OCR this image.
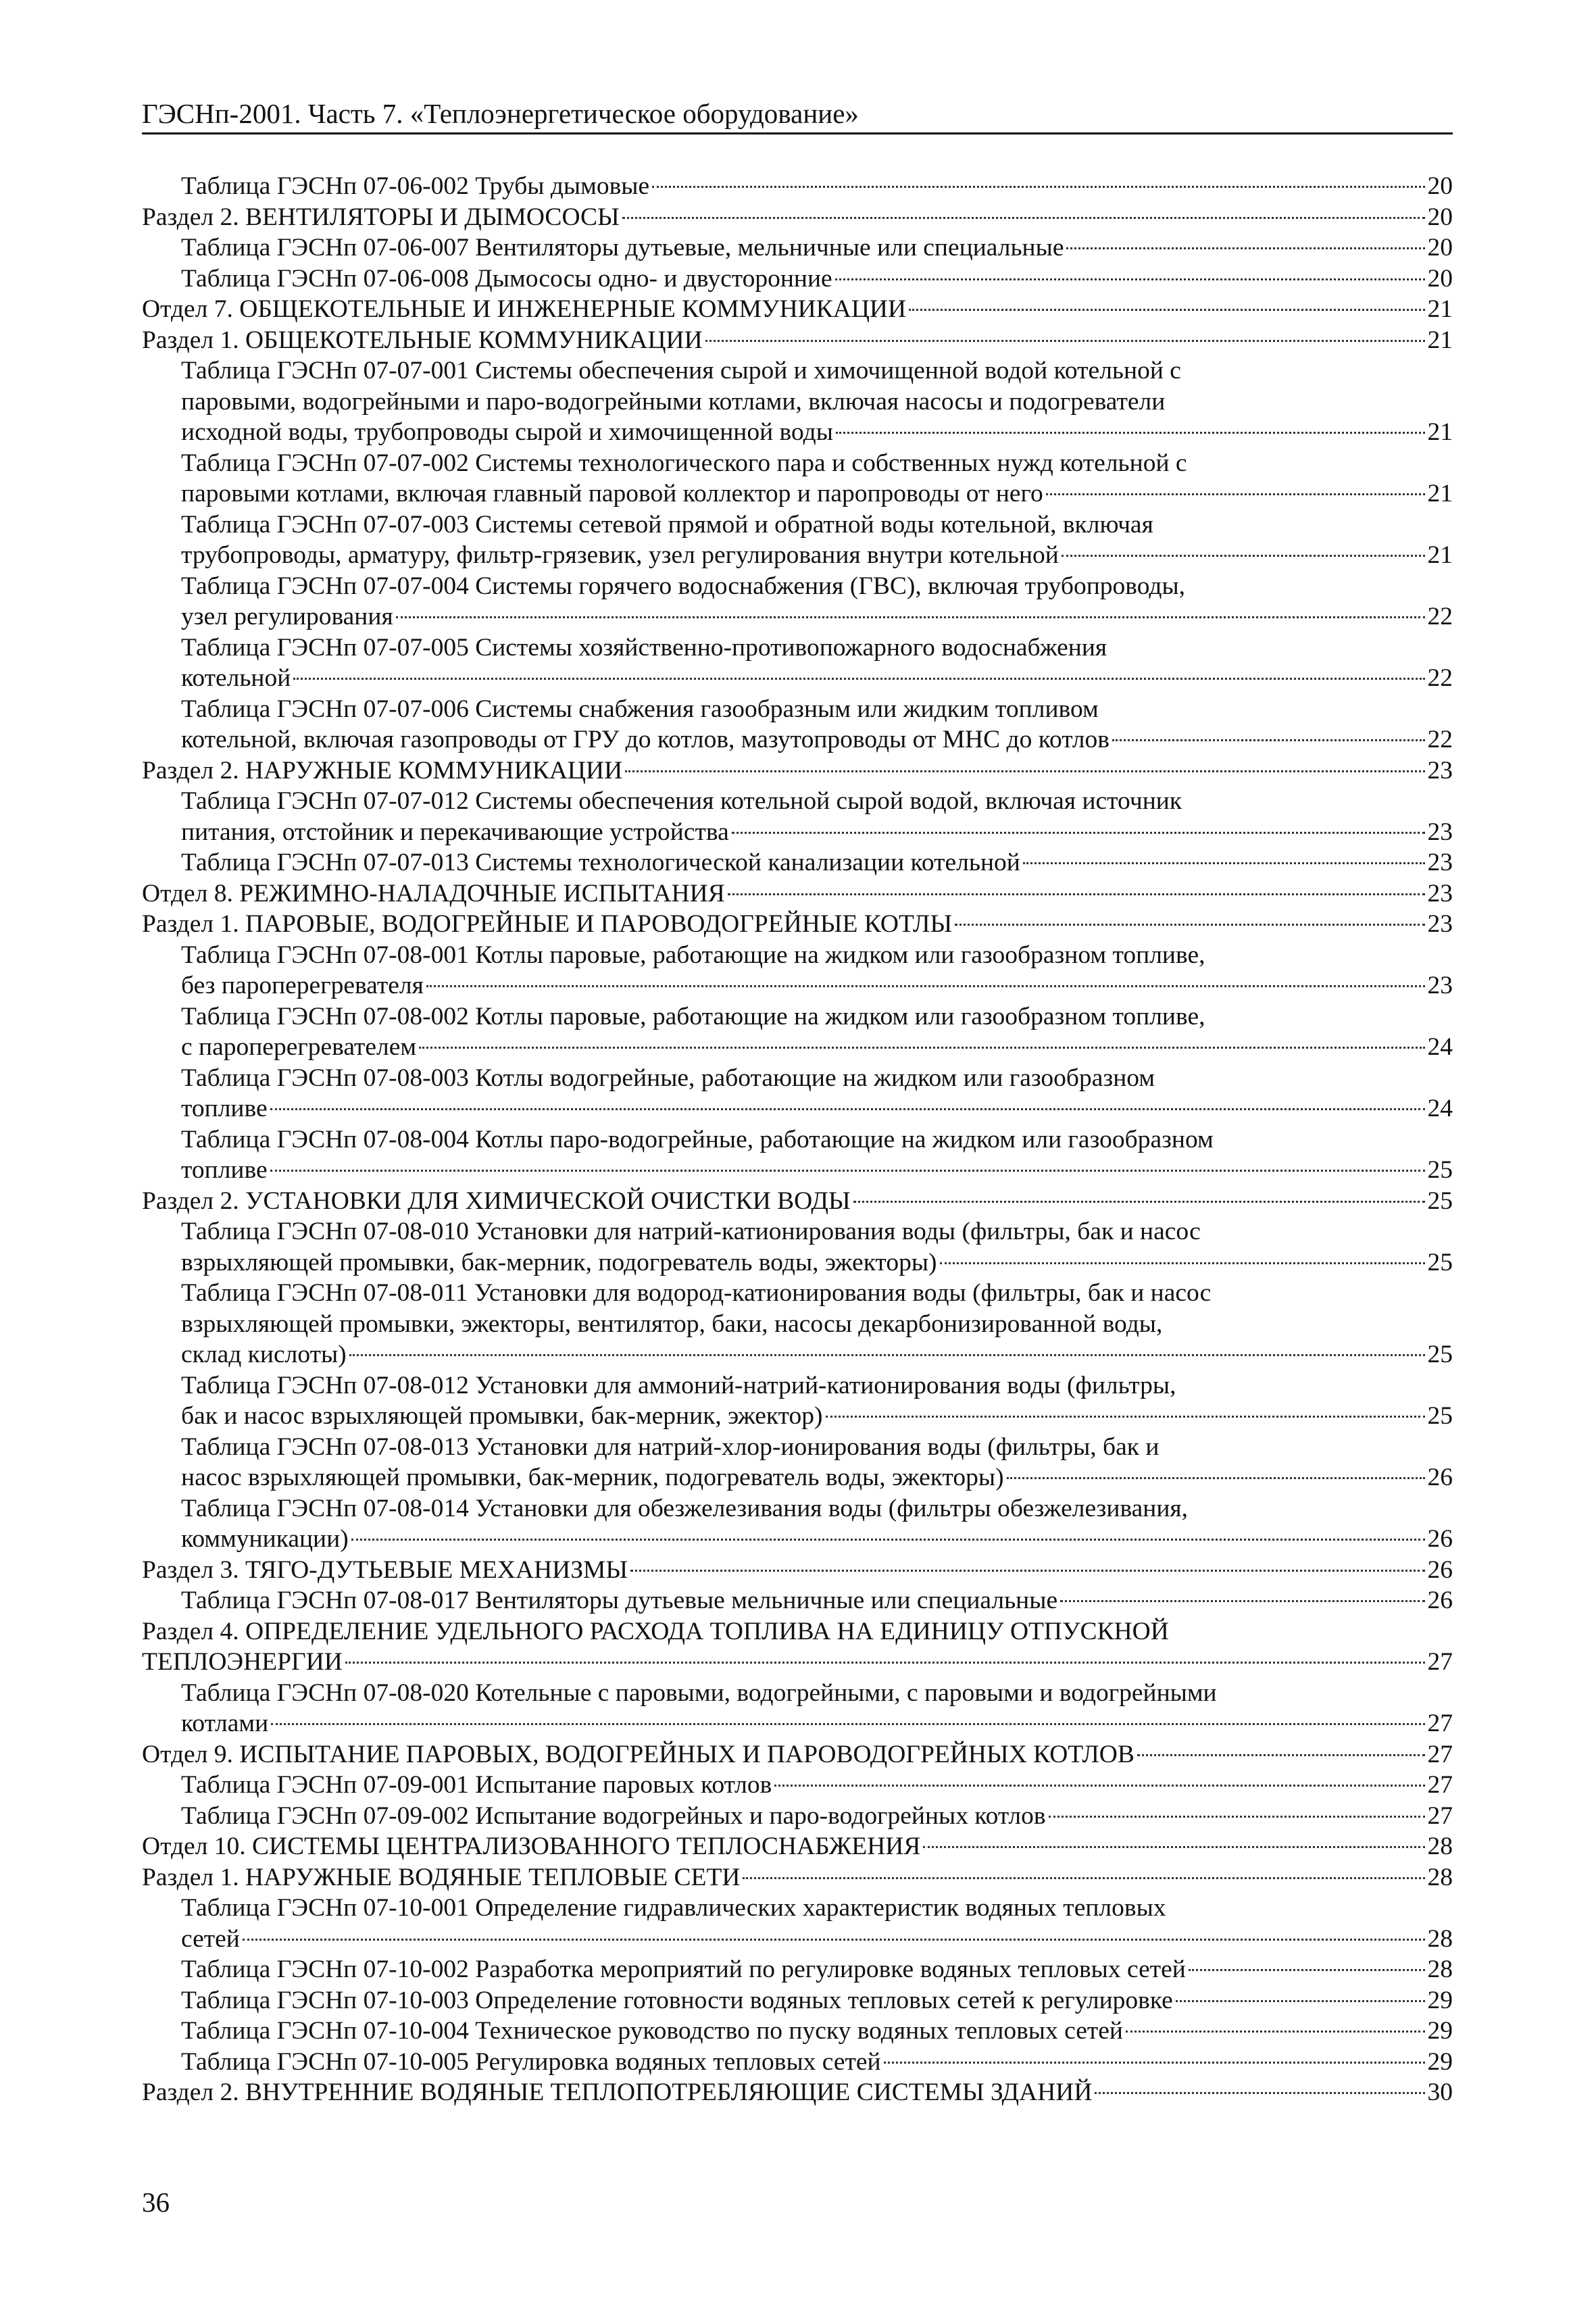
ГЭСНп-2001. Часть 7. «Теплоэнергетическое оборудование»
Таблица ГЭСНп 07-06-002 Трубы дымовые	20
Раздел 2. ВЕНТИЛЯТОРЫ И ДЫМОСОСЫ	20
Таблица ГЭСНп 07-06-007 Вентиляторы дутьевые, мельничные или специальные	20
Таблица ГЭСНп 07-06-008 Дымососы одно- и двусторонние	20
Отдел 7. ОБЩЕКОТЕЛЬНЫЕ И ИНЖЕНЕРНЫЕ КОММУНИКАЦИИ	21
Раздел 1. ОБЩЕКОТЕЛЬНЫЕ КОММУНИКАЦИИ	21
Таблица ГЭСНп 07-07-001 Системы обеспечения сырой и химочищенной водой котельной с
паровыми, водогрейными и паро-водогрейными котлами, включая насосы и подогреватели
исходной воды, трубопроводы сырой и химочищенной воды	21
Таблица ГЭСНп 07-07-002 Системы технологического пара и собственных нужд котельной с
паровыми котлами, включая главный паровой коллектор и паропроводы от него	21
Таблица ГЭСНп 07-07-003 Системы сетевой прямой и обратной воды котельной, включая
трубопроводы, арматуру, фильтр-грязевик, узел регулирования внутри котельной	21
Таблица ГЭСНп 07-07-004 Системы горячего водоснабжения (ГВС), включая трубопроводы,
узел регулирования	22
Таблица ГЭСНп 07-07-005 Системы хозяйственно-противопожарного водоснабжения
котельной	22
Таблица ГЭСНп 07-07-006 Системы снабжения газообразным или жидким топливом
котельной, включая газопроводы от ГРУ до котлов, мазутопроводы от МНС до котлов	22
Раздел 2. НАРУЖНЫЕ КОММУНИКАЦИИ	23
Таблица ГЭСНп 07-07-012 Системы обеспечения котельной сырой водой, включая источник
питания, отстойник и перекачивающие устройства	23
Таблица ГЭСНп 07-07-013 Системы технологической канализации котельной	23
Отдел 8. РЕЖИМНО-НАЛАДОЧНЫЕ ИСПЫТАНИЯ	23
Раздел 1. ПАРОВЫЕ, ВОДОГРЕЙНЫЕ И ПАРОВОДОГРЕЙНЫЕ КОТЛЫ	23
Таблица ГЭСНп 07-08-001 Котлы паровые, работающие на жидком или газообразном топливе,
без пароперегревателя	23
Таблица ГЭСНп 07-08-002 Котлы паровые, работающие на жидком или газообразном топливе,
с пароперегревателем	24
Таблица ГЭСНп 07-08-003 Котлы водогрейные, работающие на жидком или газообразном
топливе	24
Таблица ГЭСНп 07-08-004 Котлы паро-водогрейные, работающие на жидком или газообразном
топливе	25
Раздел 2. УСТАНОВКИ ДЛЯ ХИМИЧЕСКОЙ ОЧИСТКИ ВОДЫ	25
Таблица ГЭСНп 07-08-010 Установки для натрий-катионирования воды (фильтры, бак и насос
взрыхляющей промывки, бак-мерник, подогреватель воды, эжекторы)	25
Таблица ГЭСНп 07-08-011 Установки для водород-катионирования воды (фильтры, бак и насос
взрыхляющей промывки, эжекторы, вентилятор, баки, насосы декарбонизированной воды,
склад кислоты)	25
Таблица ГЭСНп 07-08-012 Установки для аммоний-натрий-катионирования воды (фильтры,
бак и насос взрыхляющей промывки, бак-мерник, эжектор)	25
Таблица ГЭСНп 07-08-013 Установки для натрий-хлор-ионирования воды (фильтры, бак и
насос взрыхляющей промывки, бак-мерник, подогреватель воды, эжекторы)	26
Таблица ГЭСНп 07-08-014 Установки для обезжелезивания воды (фильтры обезжелезивания,
коммуникации)	26
Раздел 3. ТЯГО-ДУТЬЕВЫЕ МЕХАНИЗМЫ	26
Таблица ГЭСНп 07-08-017 Вентиляторы дутьевые мельничные или специальные	26
Раздел 4. ОПРЕДЕЛЕНИЕ УДЕЛЬНОГО РАСХОДА ТОПЛИВА НА ЕДИНИЦУ ОТПУСКНОЙ
ТЕПЛОЭНЕРГИИ	27
Таблица ГЭСНп 07-08-020 Котельные с паровыми, водогрейными, с паровыми и водогрейными
котлами	27
Отдел 9. ИСПЫТАНИЕ ПАРОВЫХ, ВОДОГРЕЙНЫХ И ПАРОВОДОГРЕЙНЫХ КОТЛОВ	27
Таблица ГЭСНп 07-09-001 Испытание паровых котлов	27
Таблица ГЭСНп 07-09-002 Испытание водогрейных и паро-водогрейных котлов	27
Отдел 10. СИСТЕМЫ ЦЕНТРАЛИЗОВАННОГО ТЕПЛОСНАБЖЕНИЯ	28
Раздел 1. НАРУЖНЫЕ ВОДЯНЫЕ ТЕПЛОВЫЕ СЕТИ	28
Таблица ГЭСНп 07-10-001 Определение гидравлических характеристик водяных тепловых
сетей	28
Таблица ГЭСНп 07-10-002 Разработка мероприятий по регулировке водяных тепловых сетей	28
Таблица ГЭСНп 07-10-003 Определение готовности водяных тепловых сетей к регулировке	29
Таблица ГЭСНп 07-10-004 Техническое руководство по пуску водяных тепловых сетей	29
Таблица ГЭСНп 07-10-005 Регулировка водяных тепловых сетей	29
Раздел 2. ВНУТРЕННИЕ ВОДЯНЫЕ ТЕПЛОПОТРЕБЛЯЮЩИЕ СИСТЕМЫ ЗДАНИЙ	30
36
